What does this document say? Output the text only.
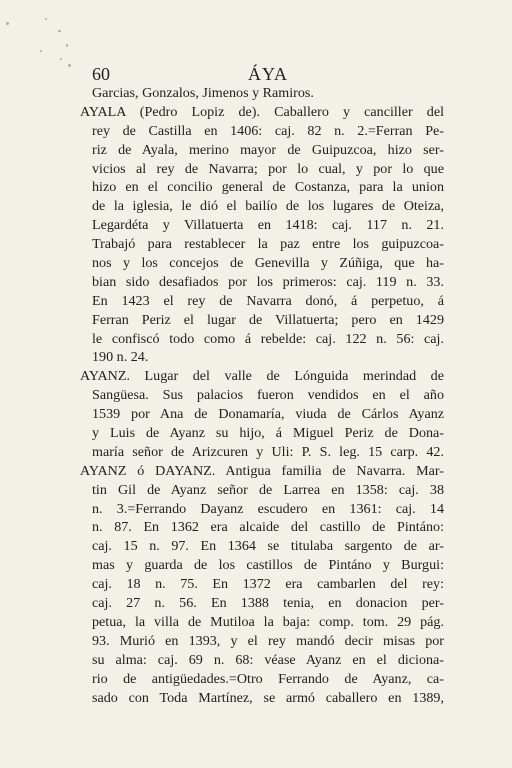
60	ÁYA
Garcias, Gonzalos, Jimenos y Ramiros.
AYALA (Pedro Lopiz de). Caballero y canciller del
rey de Castilla en 1406: caj. 82 n. 2.=Ferran Pe-
riz de Ayala, merino mayor de Guipuzcoa, hizo ser-
vicios al rey de Navarra; por lo cual, y por lo que
hizo en el concilio general de Costanza, para la union
de la iglesia, le dió el bailío de los lugares de Oteiza,
Legardéta y Villatuerta en 1418: caj. 117 n. 21.
Trabajó para restablecer la paz entre los guipuzcoa-
nos y los concejos de Genevilla y Zúñiga, que ha-
bian sido desafiados por los primeros: caj. 119 n. 33.
En 1423 el rey de Navarra donó, á perpetuo, á
Ferran Periz el lugar de Villatuerta; pero en 1429
le confiscó todo como á rebelde: caj. 122 n. 56: caj.
190 n. 24.
AYANZ. Lugar del valle de Lónguida merindad de
Sangüesa. Sus palacios fueron vendidos en el año
1539 por Ana de Donamaría, viuda de Cárlos Ayanz
y Luis de Ayanz su hijo, á Miguel Periz de Dona-
maría señor de Arizcuren y Uli: P. S. leg. 15 carp. 42.
AYANZ ó DAYANZ. Antigua familia de Navarra. Mar-
tin Gil de Ayanz señor de Larrea en 1358: caj. 38
n. 3.=Ferrando Dayanz escudero en 1361: caj. 14
n. 87. En 1362 era alcaide del castillo de Pintáno:
caj. 15 n. 97. En 1364 se titulaba sargento de ar-
mas y guarda de los castillos de Pintáno y Burgui:
caj. 18 n. 75. En 1372 era cambarlen del rey:
caj. 27 n. 56. En 1388 tenia, en donacion per-
petua, la villa de Mutiloa la baja: comp. tom. 29 pág.
93. Murió en 1393, y el rey mandó decir misas por
su alma: caj. 69 n. 68: véase Ayanz en el diciona-
rio de antigüedades.=Otro Ferrando de Ayanz, ca-
sado con Toda Martínez, se armó caballero en 1389,
